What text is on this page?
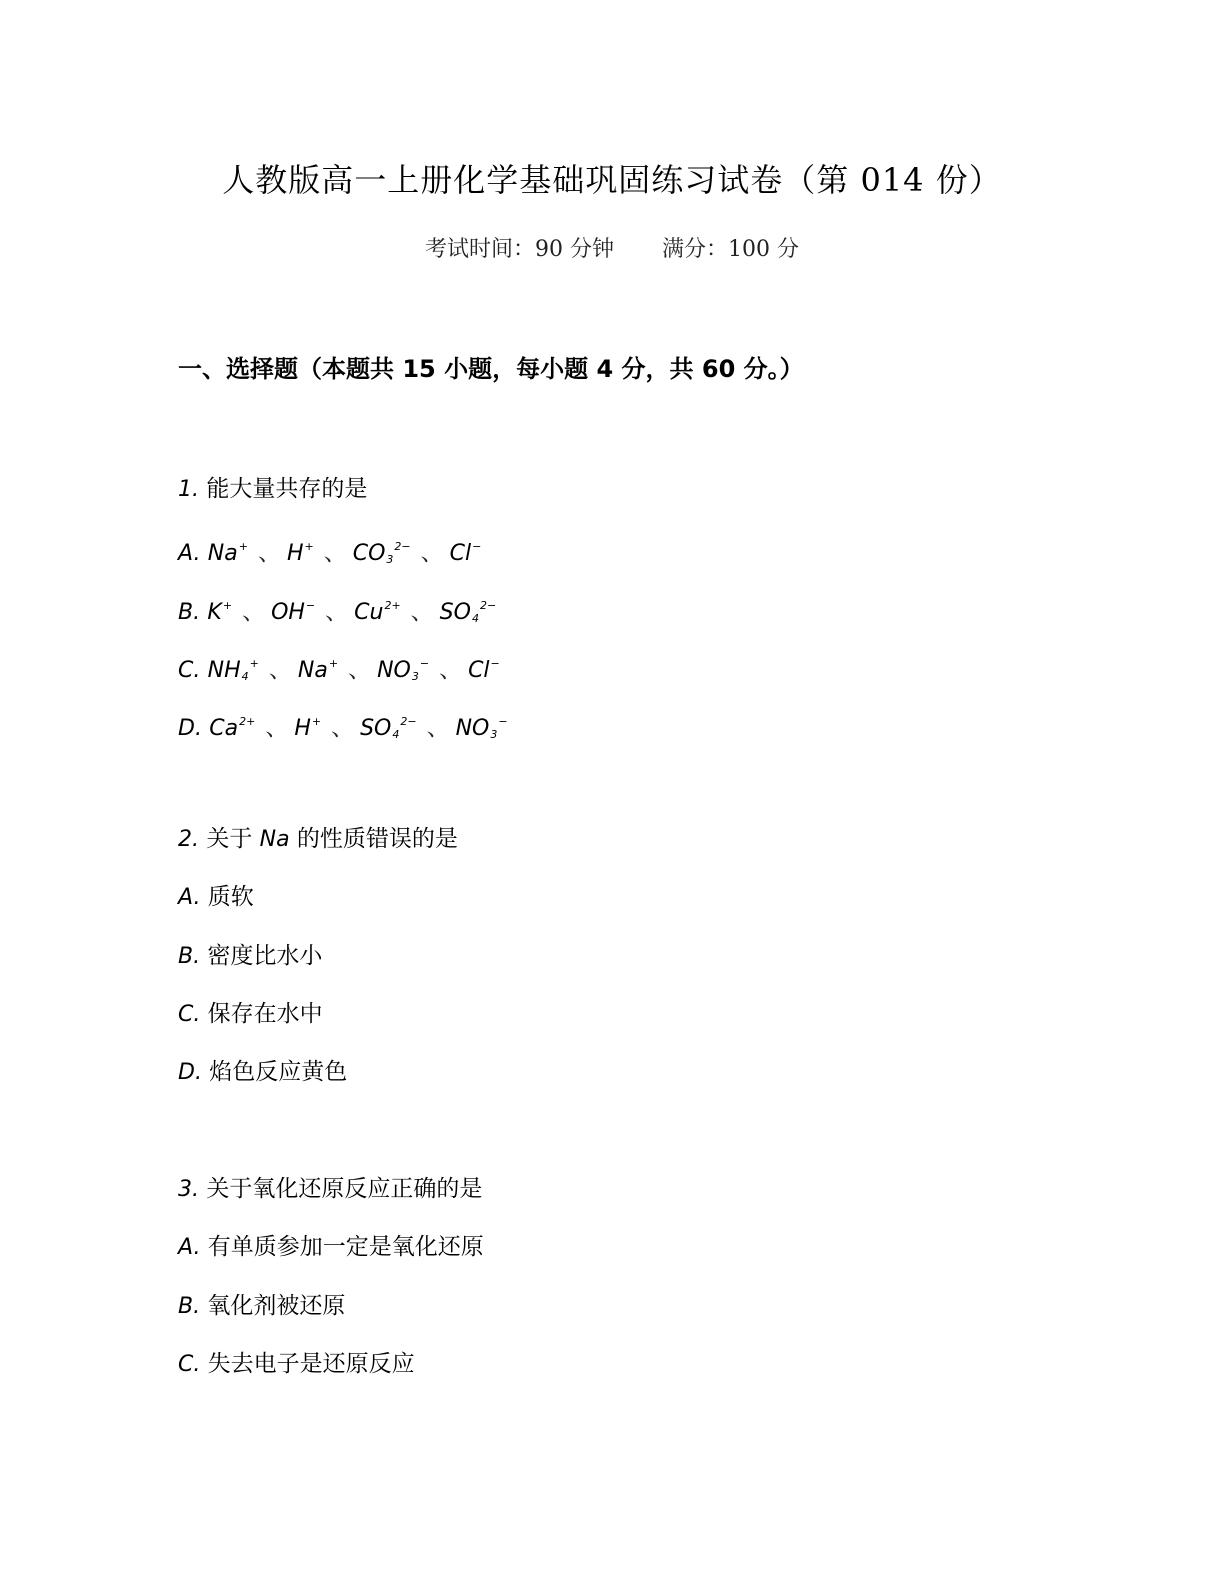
人教版高一上册化学基础巩固练习试卷（第 014 份）
考试时间：90 分钟 满分：100 分
一、选择题（本题共 15 小题，每小题 4 分，共 60 分。）
1. 能大量共存的是
A. Na+ 、 H+ 、 $CO_3^{2-}$ 、 Cl−
B. K+ 、 OH− 、 $Cu^{2+}$ 、 $SO_4^{2-}$
C. $NH_4^+$ 、 Na+ 、 $NO_3^-$ 、 Cl−
D. $Ca^{2+}$ 、 H+ 、 $SO_4^{2-}$ 、 $NO_3^-$
2. 关于 Na 的性质错误的是
A. 质软
B. 密度比水小
C. 保存在水中
D. 焰色反应黄色
3. 关于氧化还原反应正确的是
A. 有单质参加一定是氧化还原
B. 氧化剂被还原
C. 失去电子是还原反应
